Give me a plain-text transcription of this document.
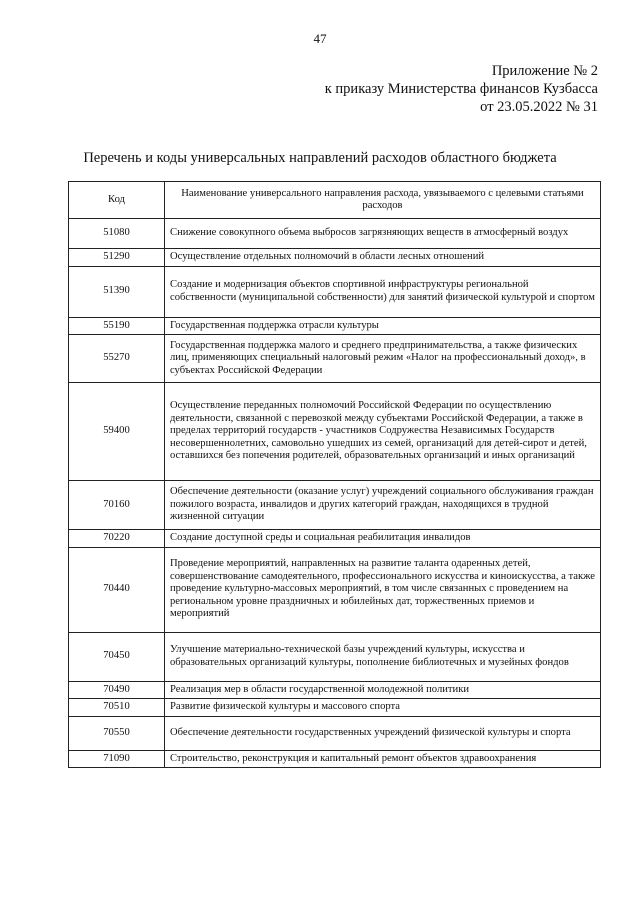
47
Приложение № 2
к приказу Министерства финансов Кузбасса
от 23.05.2022 № 31
Перечень и коды универсальных направлений расходов областного бюджета
Код	Наименование универсального направления расхода, увязываемого с целевыми статьями расходов
51080	Снижение совокупного объема выбросов загрязняющих веществ в атмосферный воздух
51290	Осуществление отдельных полномочий в области лесных отношений
51390	Создание и модернизация объектов спортивной инфраструктуры региональной собственности (муниципальной собственности) для занятий физической культурой и спортом
55190	Государственная поддержка отрасли культуры
55270	Государственная поддержка малого и среднего предпринимательства, а также физических лиц, применяющих специальный налоговый режим «Налог на профессиональный доход», в субъектах Российской Федерации
59400	Осуществление переданных полномочий Российской Федерации по осуществлению деятельности, связанной с перевозкой между субъектами Российской Федерации, а также в пределах территорий государств - участников Содружества Независимых Государств несовершеннолетних, самовольно ушедших из семей, организаций для детей-сирот и детей, оставшихся без попечения родителей, образовательных организаций и иных организаций
70160	Обеспечение деятельности (оказание услуг) учреждений социального обслуживания граждан пожилого возраста, инвалидов и других категорий граждан, находящихся в трудной жизненной ситуации
70220	Создание доступной среды и социальная реабилитация инвалидов
70440	Проведение мероприятий, направленных на развитие таланта одаренных детей, совершенствование самодеятельного, профессионального искусства и киноискусства, а также проведение культурно-массовых мероприятий, в том числе связанных с проведением на региональном уровне праздничных и юбилейных дат, торжественных приемов и мероприятий
70450	Улучшение материально-технической базы учреждений культуры, искусства и образовательных организаций культуры, пополнение библиотечных и музейных фондов
70490	Реализация мер в области государственной молодежной политики
70510	Развитие физической культуры и массового спорта
70550	Обеспечение деятельности государственных учреждений физической культуры и спорта
71090	Строительство, реконструкция и капитальный ремонт объектов здравоохранения
